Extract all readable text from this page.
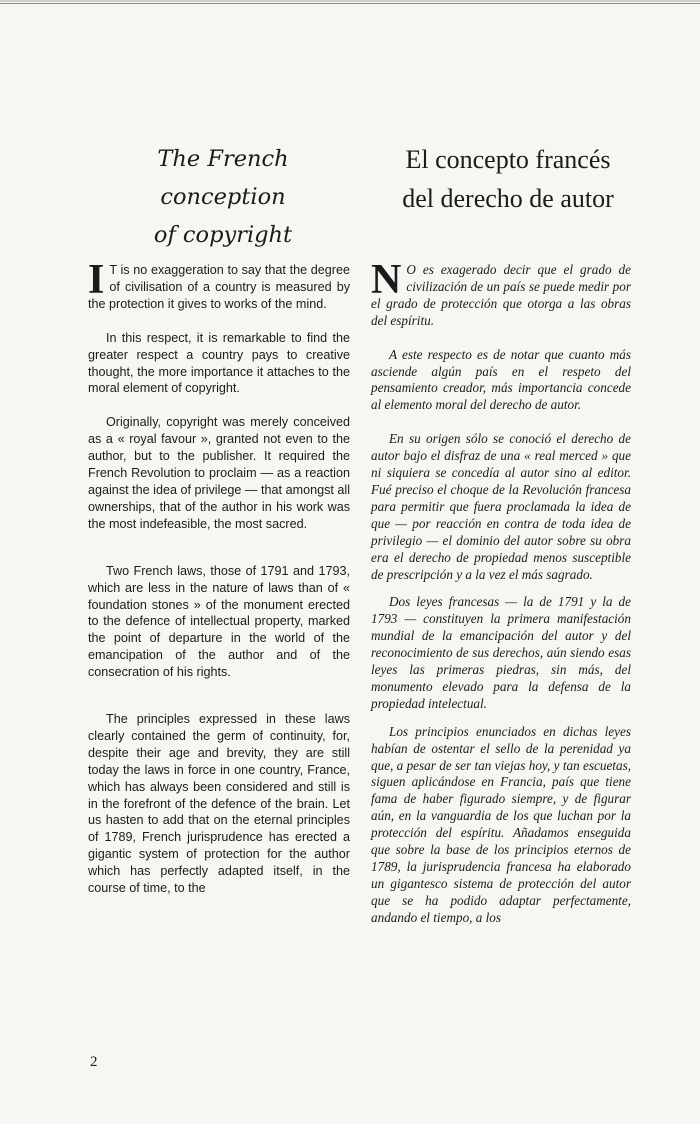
The French conception
of copyright
El concepto francés
del derecho de autor

I T is no exaggeration to say that the degree of civilisation of a country is measured by the protection it gives to works of the mind.

In this respect, it is remarkable to find the greater respect a country pays to creative thought, the more importance it attaches to the moral element of copyright.

Originally, copyright was merely conceived as a « royal favour », granted not even to the author, but to the publisher. It required the French Revolution to proclaim — as a reaction against the idea of privilege — that amongst all ownerships, that of the author in his work was the most indefeasible, the most sacred.

Two French laws, those of 1791 and 1793, which are less in the nature of laws than of « foundation stones » of the monument erected to the defence of intellectual property, marked the point of departure in the world of the emancipation of the author and of the consecration of his rights.

The principles expressed in these laws clearly contained the germ of continuity, for, despite their age and brevity, they are still today the laws in force in one country, France, which has always been considered and still is in the forefront of the defence of the brain. Let us hasten to add that on the eternal principles of 1789, French jurisprudence has erected a gigantic system of protection for the author which has perfectly adapted itself, in the course of time, to the

N O es exagerado decir que el grado de civilización de un país se puede medir por el grado de protección que otorga a las obras del espíritu.

A este respecto es de notar que cuanto más asciende algún país en el respeto del pensamiento creador, más importancia concede al elemento moral del derecho de autor.

En su origen sólo se conoció el derecho de autor bajo el disfraz de una « real merced » que ni siquiera se concedía al autor sino al editor. Fué preciso el choque de la Revolución francesa para permitir que fuera proclamada la idea de que — por reacción en contra de toda idea de privilegio — el dominio del autor sobre su obra era el derecho de propiedad menos susceptible de prescripción y a la vez el más sagrado.

Dos leyes francesas — la de 1791 y la de 1793 — constituyen la primera manifestación mundial de la emancipación del autor y del reconocimiento de sus derechos, aún siendo esas leyes las primeras piedras, sin más, del monumento elevado para la defensa de la propiedad intelectual.

Los principios enunciados en dichas leyes habían de ostentar el sello de la perenidad ya que, a pesar de ser tan viejas hoy, y tan escuetas, siguen aplicándose en Francia, país que tiene fama de haber figurado siempre, y de figurar aún, en la vanguardia de los que luchan por la protección del espíritu. Añadamos enseguida que sobre la base de los principios eternos de 1789, la jurisprudencia francesa ha elaborado un gigantesco sistema de protección del autor que se ha podido adaptar perfectamente, andando el tiempo, a los

2
